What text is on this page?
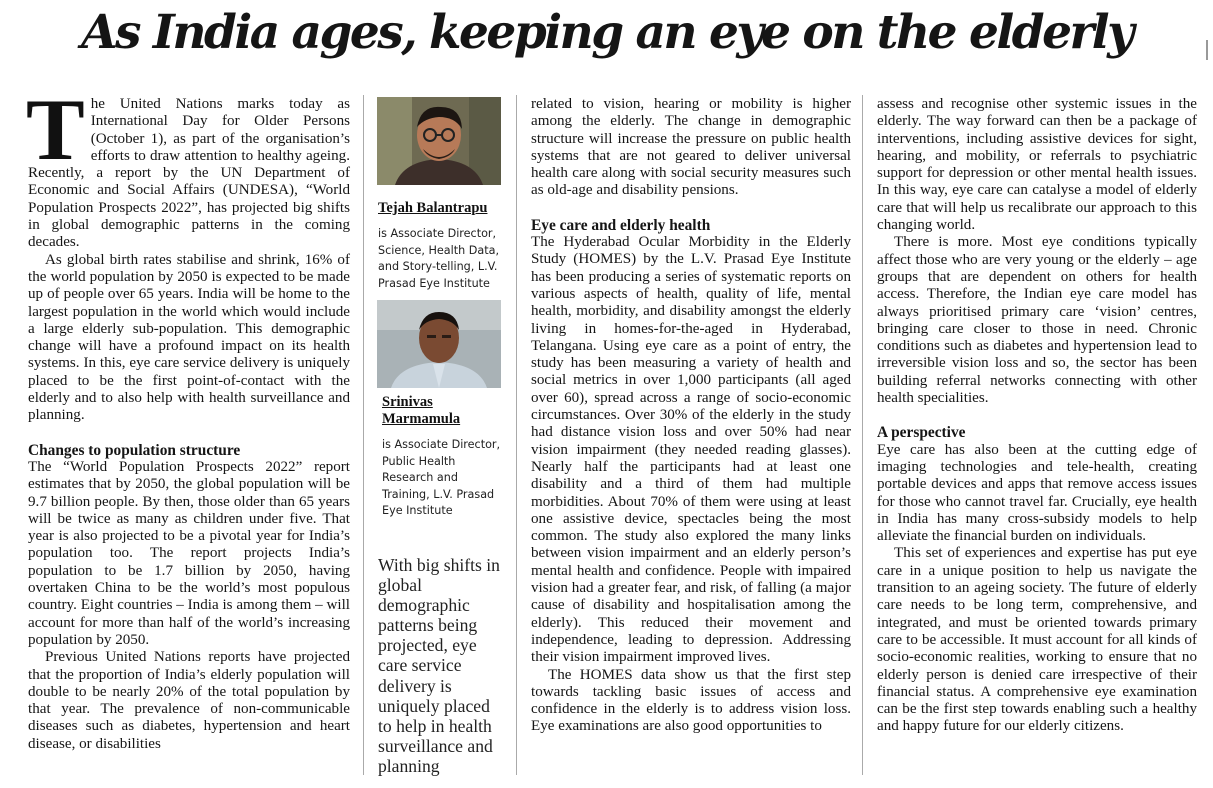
As India ages, keeping an eye on the elderly

The United Nations marks today as International Day for Older Persons (October 1), as part of the organisation’s efforts to draw attention to healthy ageing. Recently, a report by the UN Department of Economic and Social Affairs (UNDESA), “World Population Prospects 2022”, has projected big shifts in global demographic patterns in the coming decades.

As global birth rates stabilise and shrink, 16% of the world population by 2050 is expected to be made up of people over 65 years. India will be home to the largest population in the world which would include a large elderly sub-population. This demographic change will have a profound impact on its health systems. In this, eye care service delivery is uniquely placed to be the first point-of-contact with the elderly and to also help with health surveillance and planning.

Changes to population structure

The “World Population Prospects 2022” report estimates that by 2050, the global population will be 9.7 billion people. By then, those older than 65 years will be twice as many as children under five. That year is also projected to be a pivotal year for India’s population too. The report projects India’s population to be 1.7 billion by 2050, having overtaken China to be the world’s most populous country. Eight countries – India is among them – will account for more than half of the world’s increasing population by 2050.

Previous United Nations reports have projected that the proportion of India’s elderly population will double to be nearly 20% of the total population by that year. The prevalence of non-communicable diseases such as diabetes, hypertension and heart disease, or disabilities

Tejah Balantrapu
is Associate Director, Science, Health Data, and Story-telling, L.V. Prasad Eye Institute
Srinivas
Marmamula
is Associate Director, Public Health Research and Training, L.V. Prasad Eye Institute
With big shifts in global demographic patterns being projected, eye care service delivery is uniquely placed to help in health surveillance and planning

related to vision, hearing or mobility is higher among the elderly. The change in demographic structure will increase the pressure on public health systems that are not geared to deliver universal health care along with social security measures such as old-age and disability pensions.

Eye care and elderly health

The Hyderabad Ocular Morbidity in the Elderly Study (HOMES) by the L.V. Prasad Eye Institute has been producing a series of systematic reports on various aspects of health, quality of life, mental health, morbidity, and disability amongst the elderly living in homes-for-the-aged in Hyderabad, Telangana. Using eye care as a point of entry, the study has been measuring a variety of health and social metrics in over 1,000 participants (all aged over 60), spread across a range of socio-economic circumstances. Over 30% of the elderly in the study had distance vision loss and over 50% had near vision impairment (they needed reading glasses). Nearly half the participants had at least one disability and a third of them had multiple morbidities. About 70% of them were using at least one assistive device, spectacles being the most common. The study also explored the many links between vision impairment and an elderly person’s mental health and confidence. People with impaired vision had a greater fear, and risk, of falling (a major cause of disability and hospitalisation among the elderly). This reduced their movement and independence, leading to depression. Addressing their vision impairment improved lives.

The HOMES data show us that the first step towards tackling basic issues of access and confidence in the elderly is to address vision loss. Eye examinations are also good opportunities to

assess and recognise other systemic issues in the elderly. The way forward can then be a package of interventions, including assistive devices for sight, hearing, and mobility, or referrals to psychiatric support for depression or other mental health issues. In this way, eye care can catalyse a model of elderly care that will help us recalibrate our approach to this changing world.

There is more. Most eye conditions typically affect those who are very young or the elderly – age groups that are dependent on others for health access. Therefore, the Indian eye care model has always prioritised primary care ‘vision’ centres, bringing care closer to those in need. Chronic conditions such as diabetes and hypertension lead to irreversible vision loss and so, the sector has been building referral networks connecting with other health specialities.

A perspective

Eye care has also been at the cutting edge of imaging technologies and tele-health, creating portable devices and apps that remove access issues for those who cannot travel far. Crucially, eye health in India has many cross-subsidy models to help alleviate the financial burden on individuals.

This set of experiences and expertise has put eye care in a unique position to help us navigate the transition to an ageing society. The future of elderly care needs to be long term, comprehensive, and integrated, and must be oriented towards primary care to be accessible. It must account for all kinds of socio-economic realities, working to ensure that no elderly person is denied care irrespective of their financial status. A comprehensive eye examination can be the first step towards enabling such a healthy and happy future for our elderly citizens.
